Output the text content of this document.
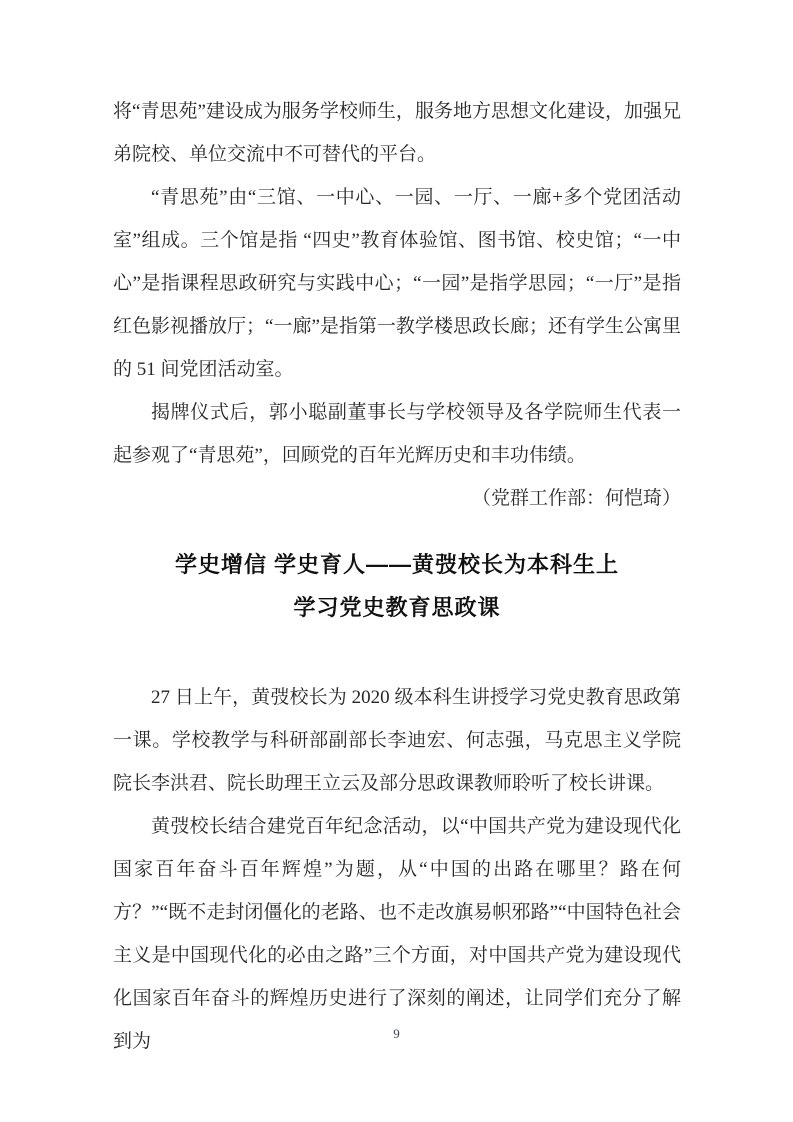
将“青思苑”建设成为服务学校师生，服务地方思想文化建设，加强兄弟院校、单位交流中不可替代的平台。

“青思苑”由“三馆、一中心、一园、一厅、一廊+多个党团活动室”组成。三个馆是指 “四史”教育体验馆、图书馆、校史馆；“一中心”是指课程思政研究与实践中心；“一园”是指学思园；“一厅”是指红色影视播放厅；“一廊”是指第一教学楼思政长廊；还有学生公寓里的 51 间党团活动室。

揭牌仪式后，郭小聪副董事长与学校领导及各学院师生代表一起参观了“青思苑”，回顾党的百年光辉历史和丰功伟绩。

（党群工作部：何恺琦）

学史增信 学史育人——黄弢校长为本科生上
学习党史教育思政课

27 日上午，黄弢校长为 2020 级本科生讲授学习党史教育思政第一课。学校教学与科研部副部长李迪宏、何志强，马克思主义学院院长李洪君、院长助理王立云及部分思政课教师聆听了校长讲课。

黄弢校长结合建党百年纪念活动，以“中国共产党为建设现代化国家百年奋斗百年辉煌”为题，从“中国的出路在哪里？路在何方？”“既不走封闭僵化的老路、也不走改旗易帜邪路”“中国特色社会主义是中国现代化的必由之路”三个方面，对中国共产党为建设现代化国家百年奋斗的辉煌历史进行了深刻的阐述，让同学们充分了解到为	9
